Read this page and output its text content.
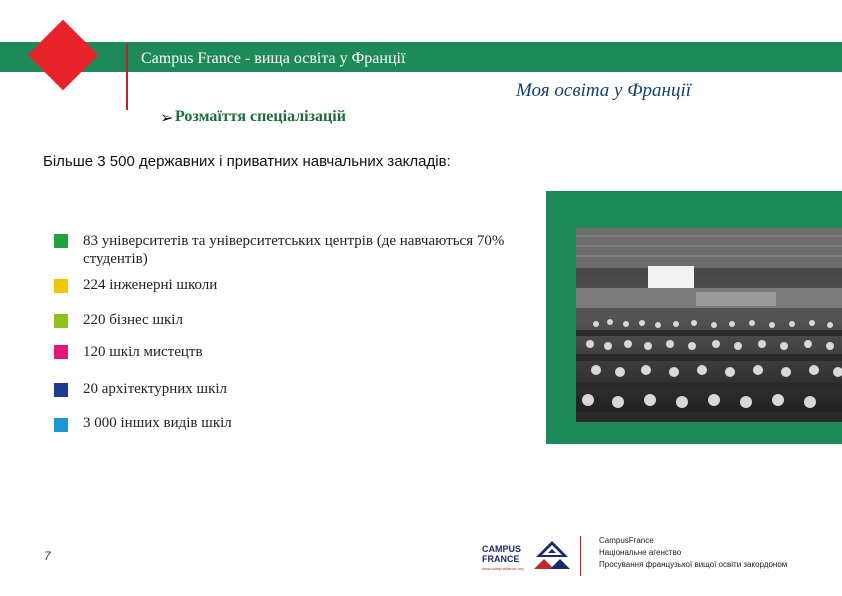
Campus France - вища освіта у Франції
Моя освіта у Франції
➢ Розмаїття спеціалізацій
Більше 3 500 державних і приватних навчальних закладів:
83 університетів та університетських центрів (де навчаються 70% студентів)
224 інженерні школи
220 бізнес шкіл
120 шкіл мистецтв
20 архітектурних шкіл
3 000 інших видів шкіл
7	CAMPUS
FRANCE
www.campusfrance.org
CampusFrance
Національне агенство
Просування французької вищої освіти закордоном
